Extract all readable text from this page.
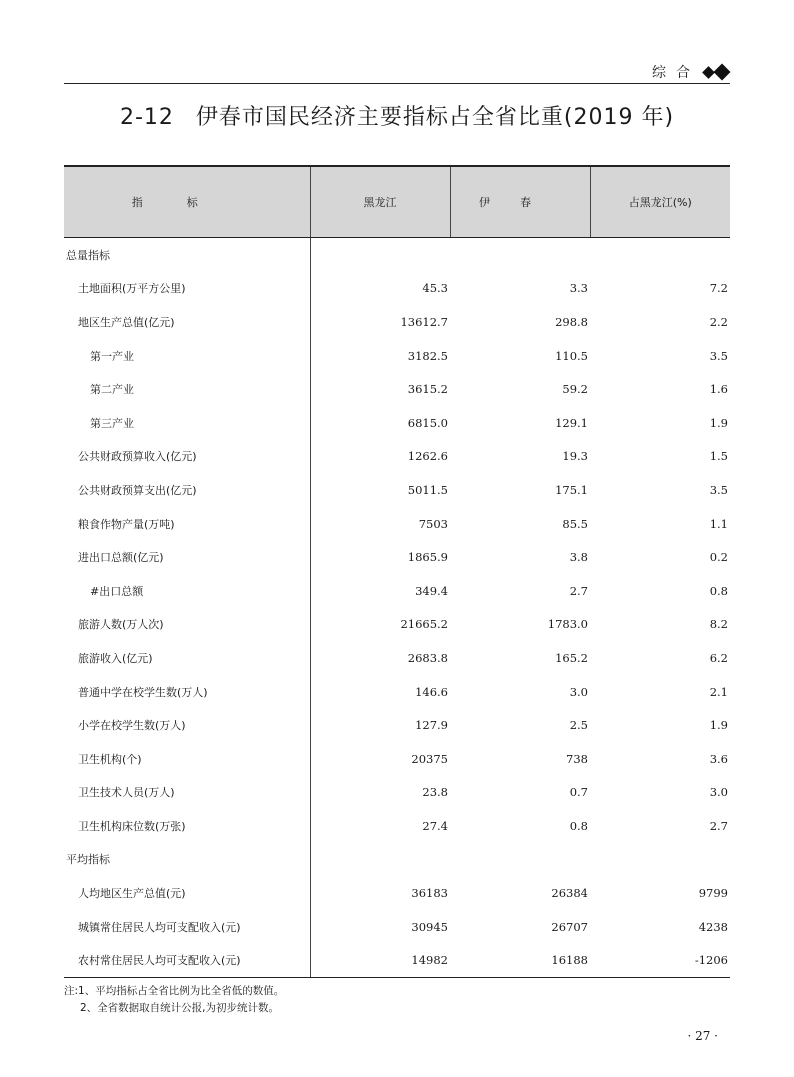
综合
2-12 伊春市国民经济主要指标占全省比重(2019 年)
指标	黑龙江	伊春	占黑龙江(%)
总量指标			
土地面积(万平方公里)	45.3	3.3	7.2
地区生产总值(亿元)	13612.7	298.8	2.2
第一产业	3182.5	110.5	3.5
第二产业	3615.2	59.2	1.6
第三产业	6815.0	129.1	1.9
公共财政预算收入(亿元)	1262.6	19.3	1.5
公共财政预算支出(亿元)	5011.5	175.1	3.5
粮食作物产量(万吨)	7503	85.5	1.1
进出口总额(亿元)	1865.9	3.8	0.2
#出口总额	349.4	2.7	0.8
旅游人数(万人次)	21665.2	1783.0	8.2
旅游收入(亿元)	2683.8	165.2	6.2
普通中学在校学生数(万人)	146.6	3.0	2.1
小学在校学生数(万人)	127.9	2.5	1.9
卫生机构(个)	20375	738	3.6
卫生技术人员(万人)	23.8	0.7	3.0
卫生机构床位数(万张)	27.4	0.8	2.7
平均指标			
人均地区生产总值(元)	36183	26384	9799
城镇常住居民人均可支配收入(元)	30945	26707	4238
农村常住居民人均可支配收入(元)	14982	16188	-1206
注:1、平均指标占全省比例为比全省低的数值。
2、全省数据取自统计公报,为初步统计数。
· 27 ·
